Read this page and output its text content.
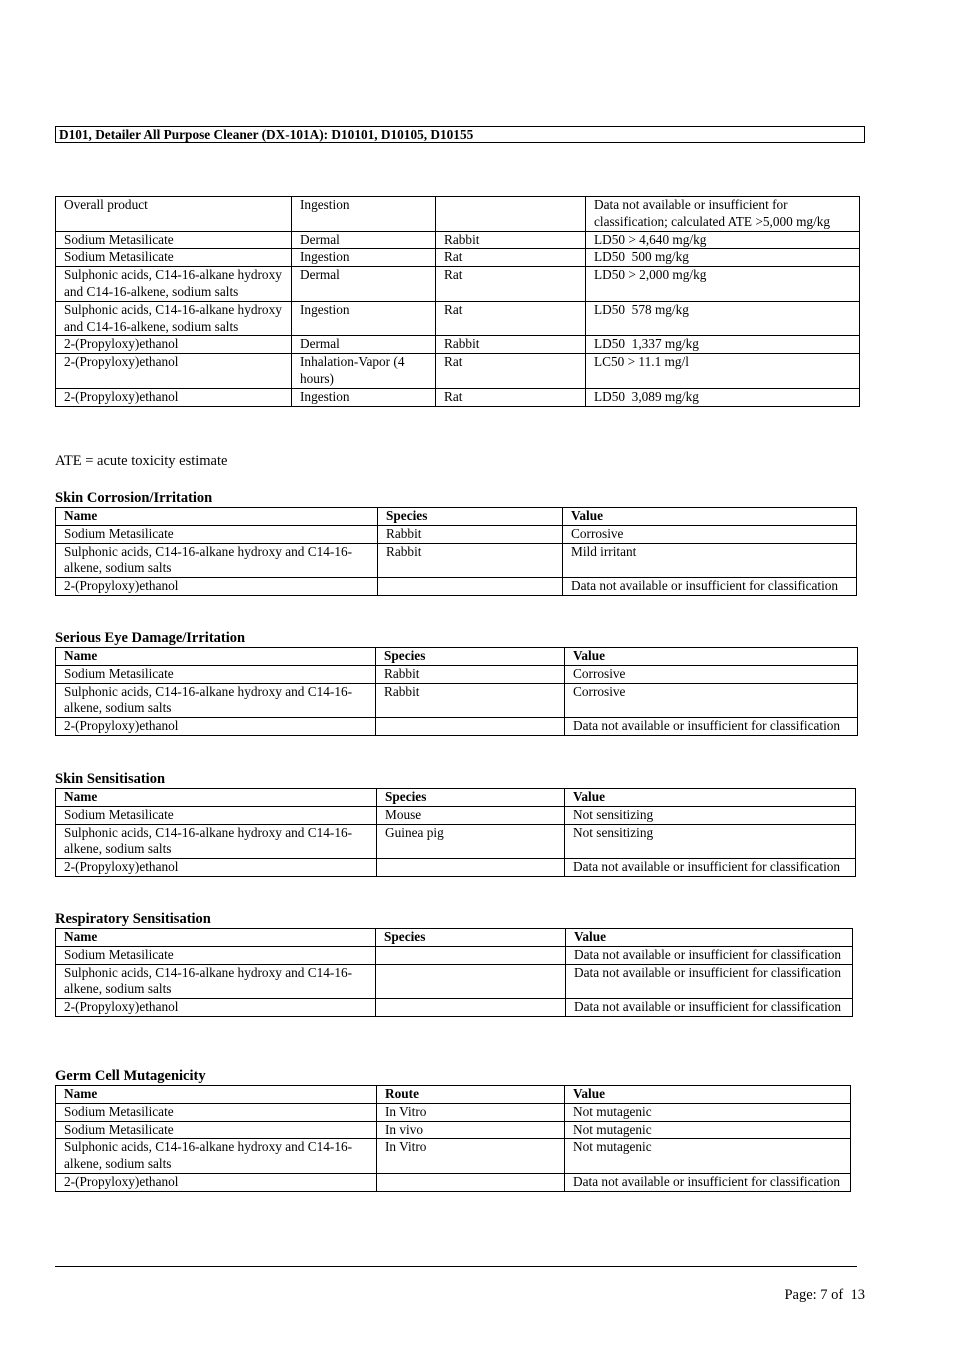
D101, Detailer All Purpose Cleaner (DX-101A): D10101, D10105, D10155
Overall product	Ingestion		Data not available or insufficient for classification; calculated ATE >5,000 mg/kg
Sodium Metasilicate	Dermal	Rabbit	LD50 > 4,640 mg/kg
Sodium Metasilicate	Ingestion	Rat	LD50  500 mg/kg
Sulphonic acids, C14-16-alkane hydroxy and C14-16-alkene, sodium salts	Dermal	Rat	LD50 > 2,000 mg/kg
Sulphonic acids, C14-16-alkane hydroxy and C14-16-alkene, sodium salts	Ingestion	Rat	LD50  578 mg/kg
2-(Propyloxy)ethanol	Dermal	Rabbit	LD50  1,337 mg/kg
2-(Propyloxy)ethanol	Inhalation-Vapor (4 hours)	Rat	LC50 > 11.1 mg/l
2-(Propyloxy)ethanol	Ingestion	Rat	LD50  3,089 mg/kg
ATE = acute toxicity estimate
Skin Corrosion/Irritation
Name	Species	Value
Sodium Metasilicate	Rabbit	Corrosive
Sulphonic acids, C14-16-alkane hydroxy and C14-16-alkene, sodium salts	Rabbit	Mild irritant
2-(Propyloxy)ethanol		Data not available or insufficient for classification
Serious Eye Damage/Irritation
Name	Species	Value
Sodium Metasilicate	Rabbit	Corrosive
Sulphonic acids, C14-16-alkane hydroxy and C14-16-alkene, sodium salts	Rabbit	Corrosive
2-(Propyloxy)ethanol		Data not available or insufficient for classification
Skin Sensitisation
Name	Species	Value
Sodium Metasilicate	Mouse	Not sensitizing
Sulphonic acids, C14-16-alkane hydroxy and C14-16-alkene, sodium salts	Guinea pig	Not sensitizing
2-(Propyloxy)ethanol		Data not available or insufficient for classification
Respiratory Sensitisation
Name	Species	Value
Sodium Metasilicate		Data not available or insufficient for classification
Sulphonic acids, C14-16-alkane hydroxy and C14-16-alkene, sodium salts		Data not available or insufficient for classification
2-(Propyloxy)ethanol		Data not available or insufficient for classification
Germ Cell Mutagenicity
Name	Route	Value
Sodium Metasilicate	In Vitro	Not mutagenic
Sodium Metasilicate	In vivo	Not mutagenic
Sulphonic acids, C14-16-alkane hydroxy and C14-16-alkene, sodium salts	In Vitro	Not mutagenic
2-(Propyloxy)ethanol		Data not available or insufficient for classification
Page: 7 of  13
